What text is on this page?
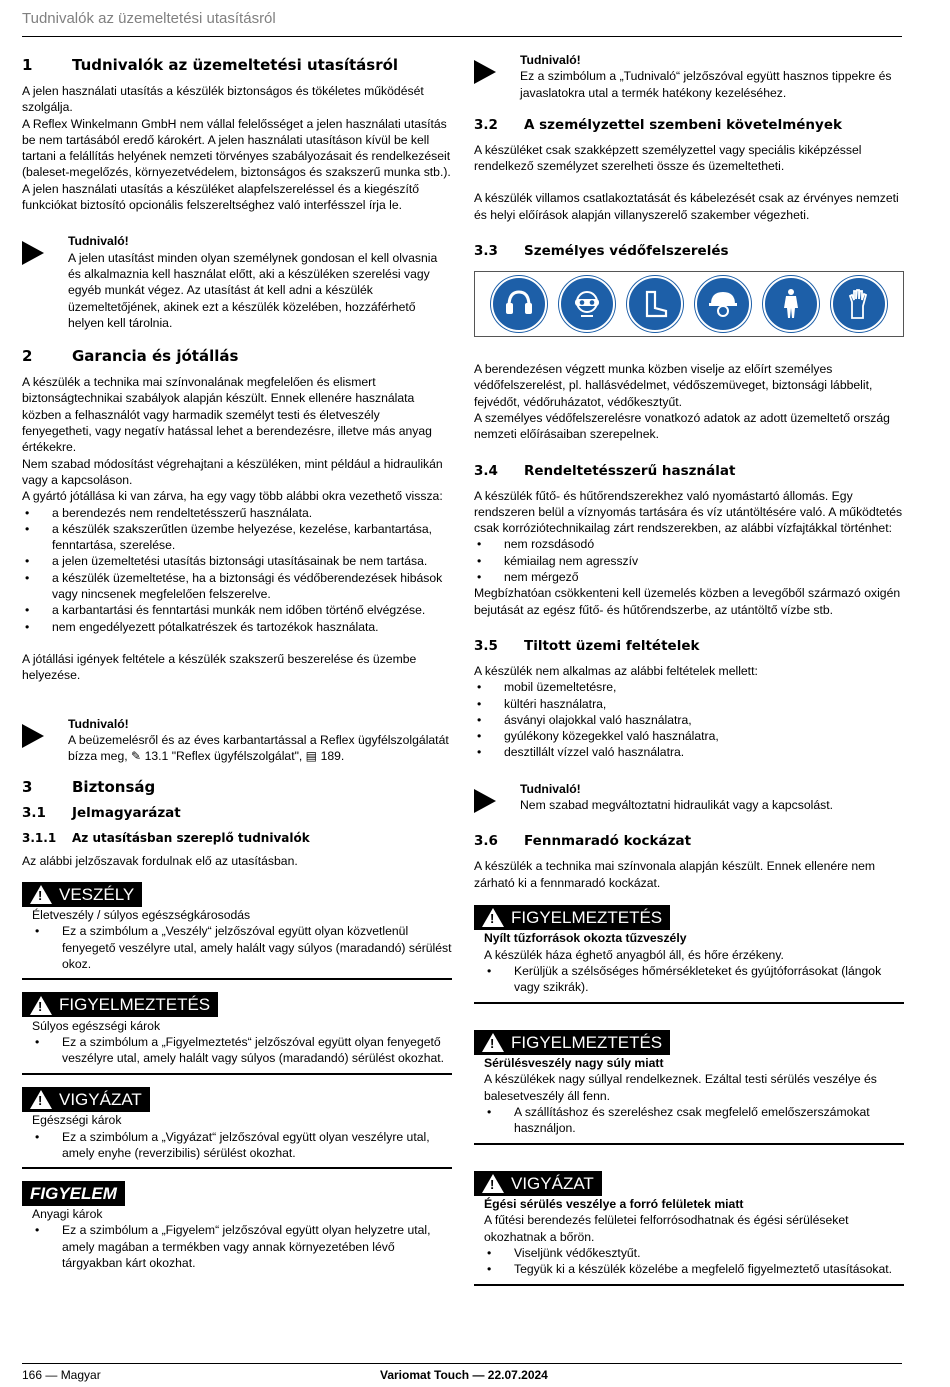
Tudnivalók az üzemeltetési utasításról
1	Tudnivalók az üzemeltetési utasításról

A jelen használati utasítás a készülék biztonságos és tökéletes működését szolgálja.

A Reflex Winkelmann GmbH nem vállal felelősséget a jelen használati utasítás be nem tartásából eredő károkért. A jelen használati utasításon kívül be kell tartani a felállítás helyének nemzeti törvényes szabályozásait és rendelkezéseit (baleset-megelőzés, környezetvédelem, biztonságos és szakszerű munka stb.).

A jelen használati utasítás a készüléket alapfelszereléssel és a kiegészítő funkciókat biztosító opcionális felszereltséghez való interfésszel írja le.

Tudnivaló!

A jelen utasítást minden olyan személynek gondosan el kell olvasnia és alkalmaznia kell használat előtt, aki a készüléken szerelési vagy egyéb munkát végez. Az utasítást át kell adni a készülék üzemeltetőjének, akinek ezt a készülék közelében, hozzáférhető helyen kell tárolnia.

2	Garancia és jótállás

A készülék a technika mai színvonalának megfelelően és elismert biztonságtechnikai szabályok alapján készült. Ennek ellenére használata közben a felhasználót vagy harmadik személyt testi és életveszély fenyegetheti, vagy negatív hatással lehet a berendezésre, illetve más anyag értékekre.

Nem szabad módosítást végrehajtani a készüléken, mint például a hidraulikán vagy a kapcsoláson.

A gyártó jótállása ki van zárva, ha egy vagy több alábbi okra vezethető vissza:

• a berendezés nem rendeltetésszerű használata.
• a készülék szakszerűtlen üzembe helyezése, kezelése, karbantartása, fenntartása, szerelése.
• a jelen üzemeltetési utasítás biztonsági utasításainak be nem tartása.
• a készülék üzemeltetése, ha a biztonsági és védőberendezések hibások vagy nincsenek megfelelően felszerelve.
• a karbantartási és fenntartási munkák nem időben történő elvégzése.
• nem engedélyezett pótalkatrészek és tartozékok használata.

A jótállási igények feltétele a készülék szakszerű beszerelése és üzembe helyezése.

Tudnivaló!

A beüzemelésről és az éves karbantartással a Reflex ügyfélszolgálatát bízza meg, ✎ 13.1 "Reflex ügyfélszolgálat", ▤ 189.

3	Biztonság
3.1	Jelmagyarázat
3.1.1	Az utasításban szereplő tudnivalók

Az alábbi jelzőszavak fordulnak elő az utasításban.

!
VESZÉLY

Életveszély / súlyos egészségkárosodás

• Ez a szimbólum a „Veszély“ jelzőszóval együtt olyan közvetlenül fenyegető veszélyre utal, amely halált vagy súlyos (maradandó) sérülést okoz.
!
FIGYELMEZTETÉS

Súlyos egészségi károk

• Ez a szimbólum a „Figyelmeztetés“ jelzőszóval együtt olyan fenyegető veszélyre utal, amely halált vagy súlyos (maradandó) sérülést okozhat.
!
VIGYÁZAT

Egészségi károk

• Ez a szimbólum a „Vigyázat“ jelzőszóval együtt olyan veszélyre utal, amely enyhe (reverzibilis) sérülést okozhat.
FIGYELEM

Anyagi károk

• Ez a szimbólum a „Figyelem“ jelzőszóval együtt olyan helyzetre utal, amely magában a termékben vagy annak környezetében lévő tárgyakban kárt okozhat.

Tudnivaló!

Ez a szimbólum a „Tudnivaló“ jelzőszóval együtt hasznos tippekre és javaslatokra utal a termék hatékony kezeléséhez.

3.2	A személyzettel szembeni követelmények

A készüléket csak szakképzett személyzettel vagy speciális kiképzéssel rendelkező személyzet szerelheti össze és üzemeltetheti.

A készülék villamos csatlakoztatását és kábelezését csak az érvényes nemzeti és helyi előírások alapján villanyszerelő szakember végezheti.

3.3	Személyes védőfelszerelés

A berendezésen végzett munka közben viselje az előírt személyes védőfelszerelést, pl. hallásvédelmet, védőszemüveget, biztonsági lábbelit, fejvédőt, védőruházatot, védőkesztyűt.

A személyes védőfelszerelésre vonatkozó adatok az adott üzemeltető ország nemzeti előírásaiban szerepelnek.

3.4	Rendeltetésszerű használat

A készülék fűtő- és hűtőrendszerekhez való nyomástartó állomás. Egy rendszeren belül a víznyomás tartására és víz utántöltésére való. A működtetés csak korróziótechnikailag zárt rendszerekben, az alábbi vízfajtákkal történhet:

• nem rozsdásodó
• kémiailag nem agresszív
• nem mérgező

Megbízhatóan csökkenteni kell üzemelés közben a levegőből származó oxigén bejutását az egész fűtő- és hűtőrendszerbe, az utántöltő vízbe stb.

3.5	Tiltott üzemi feltételek

A készülék nem alkalmas az alábbi feltételek mellett:

• mobil üzemeltetésre,
• kültéri használatra,
• ásványi olajokkal való használatra,
• gyúlékony közegekkel való használatra,
• desztillált vízzel való használatra.

Tudnivaló!

Nem szabad megváltoztatni hidraulikát vagy a kapcsolást.

3.6	Fennmaradó kockázat

A készülék a technika mai színvonala alapján készült. Ennek ellenére nem zárható ki a fennmaradó kockázat.

!
FIGYELMEZTETÉS

Nyílt tűzforrások okozta tűzveszély

A készülék háza éghető anyagból áll, és hőre érzékeny.

• Kerüljük a szélsőséges hőmérsékleteket és gyújtóforrásokat (lángok vagy szikrák).
!
FIGYELMEZTETÉS

Sérülésveszély nagy súly miatt

A készülékek nagy súllyal rendelkeznek. Ezáltal testi sérülés veszélye és balesetveszély áll fenn.

• A szállításhoz és szereléshez csak megfelelő emelőszerszámokat használjon.
!
VIGYÁZAT

Égési sérülés veszélye a forró felületek miatt

A fűtési berendezés felületei felforrósodhatnak és égési sérüléseket okozhatnak a bőrön.

• Viseljünk védőkesztyűt.
• Tegyük ki a készülék közelébe a megfelelő figyelmeztető utasításokat.
166 — Magyar	Variomat Touch — 22.07.2024
